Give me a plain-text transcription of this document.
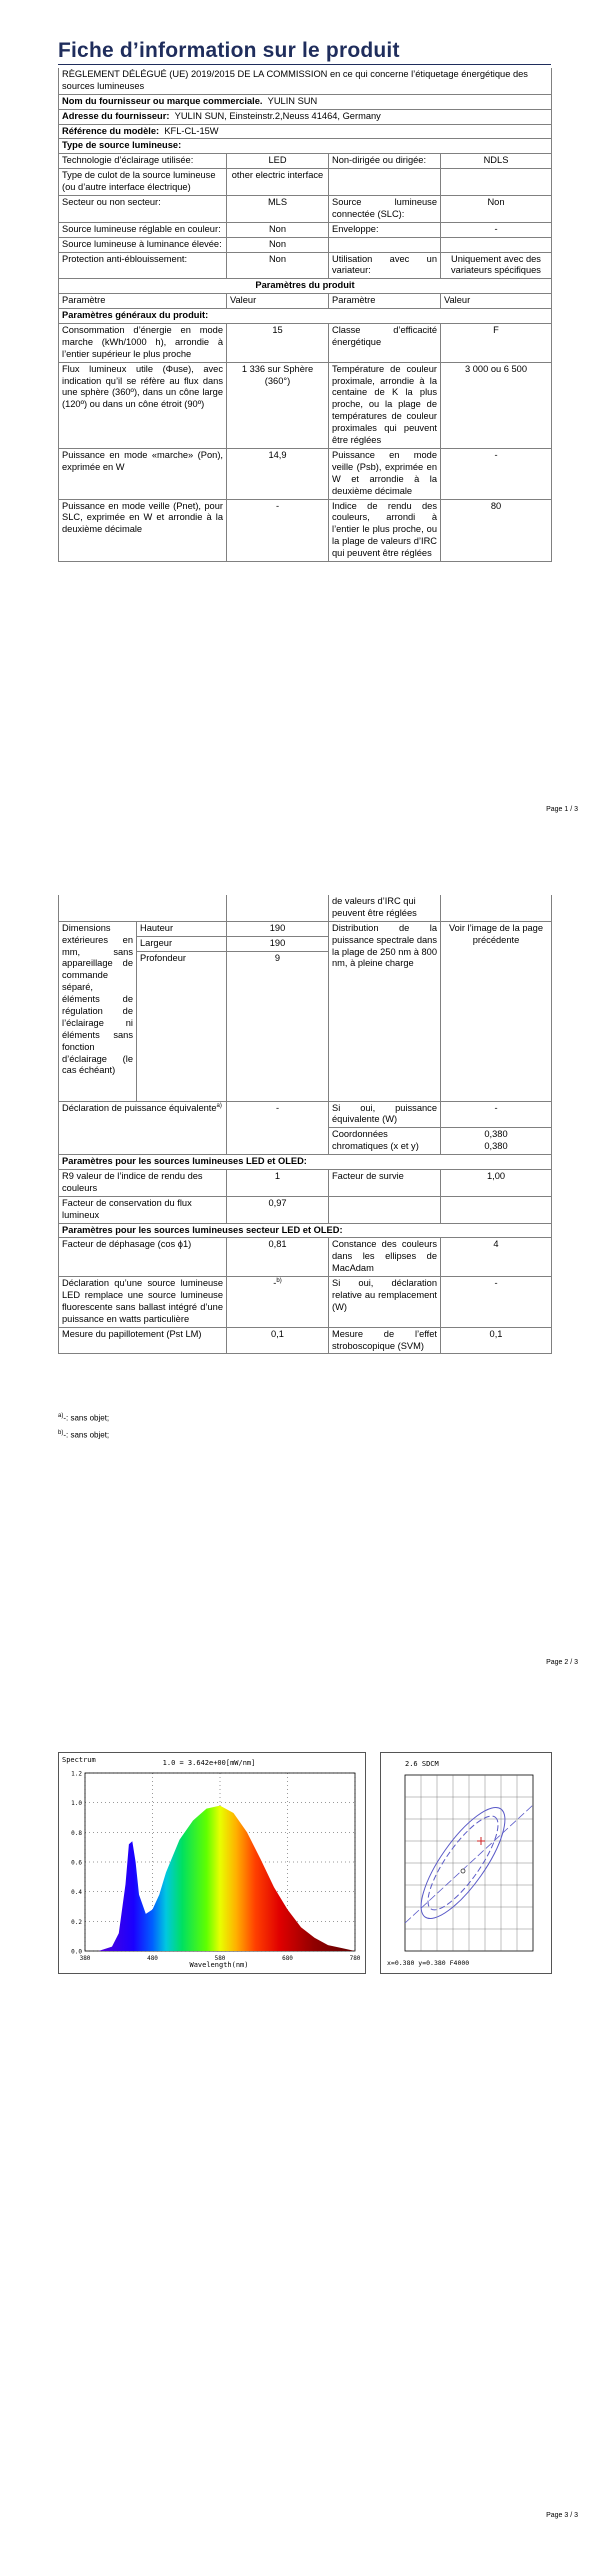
Fiche d’information sur le produit
RÈGLEMENT DÉLÉGUÉ (UE) 2019/2015 DE LA COMMISSION en ce qui concerne l’étiquetage énergétique des sources lumineuses			
Nom du fournisseur ou marque commerciale. YULIN SUN			
Adresse du fournisseur: YULIN SUN, Einsteinstr.2,Neuss 41464, Germany			
Référence du modèle: KFL-CL-15W			
Type de source lumineuse:			
Technologie d’éclairage utilisée:	LED	Non-dirigée ou dirigée:	NDLS
Type de culot de la source lumineuse (ou d’autre interface électrique)	other electric interface		
Secteur ou non secteur:	MLS	Source lumineuse connectée (SLC):	Non
Source lumineuse réglable en couleur:	Non	Enveloppe:	-
Source lumineuse à luminance élevée:	Non		
Protection anti-éblouissement:	Non	Utilisation avec un variateur:	Uniquement avec des variateurs spécifiques
Paramètres du produit			
Paramètre	Valeur	Paramètre	Valeur
Paramètres généraux du produit:			
Consommation d’énergie en mode marche (kWh/1000 h), arrondie à l’entier supérieur le plus proche	15	Classe d’efficacité énergétique	F
Flux lumineux utile (Φuse), avec indication qu’il se réfère au flux dans une sphère (360º), dans un cône large (120º) ou dans un cône étroit (90º)	1 336 sur Sphère (360°)	Température de couleur proximale, arrondie à la centaine de K la plus proche, ou la plage de températures de couleur proximales qui peuvent être réglées	3 000 ou 6 500
Puissance en mode «marche» (Pon), exprimée en W	14,9	Puissance en mode veille (Psb), exprimée en W et arrondie à la deuxième décimale	-
Puissance en mode veille (Pnet), pour SLC, exprimée en W et arrondie à la deuxième décimale	-	Indice de rendu des couleurs, arrondi à l’entier le plus proche, ou la plage de valeurs d’IRC qui peuvent être réglées	80
Page 1 / 3
			de valeurs d’IRC qui peuvent être réglées	
Dimensions extérieures en mm, sans appareillage de commande séparé, éléments de régulation de l’éclairage ni éléments sans fonction d’éclairage (le cas échéant)	Hauteur	190	Distribution de la puissance spectrale dans la plage de 250 nm à 800 nm, à pleine charge	Voir l’image de la page précédente
	Largeur	190		
	Profondeur	9		
Déclaration de puissance équivalente$^{a)}$		-	Si oui, puissance équivalente (W)	-
			Coordonnées chromatiques (x et y)	0,380
0,380

Paramètres pour les sources lumineuses LED et OLED:				
R9 valeur de l’indice de rendu des couleurs		1	Facteur de survie	1,00
Facteur de conservation du flux lumineux		0,97		
Paramètres pour les sources lumineuses secteur LED et OLED:				
Facteur de déphasage (cos ϕ1)		0,81	Constance des couleurs dans les ellipses de MacAdam	4
Déclaration qu’une source lumineuse LED remplace une source lumineuse fluorescente sans ballast intégré d’une puissance en watts particulière		-$^{b)}$	Si oui, déclaration relative au remplacement (W)	-
Mesure du papillotement (Pst LM)		0,1	Mesure de l’effet stroboscopique (SVM)	0,1
$^{a)}$-: sans objet;
$^{b)}$-: sans objet;
Page 2 / 3
Spectrum	1.0 = 3.642e+00[mW/nm]
0.0
0.2
0.4
0.6
0.8
1.0
1.2
380	480	580	680	780
Wavelength(nm)
2.6 SDCM
x=0.380 y=0.380 F4000
Page 3 / 3
